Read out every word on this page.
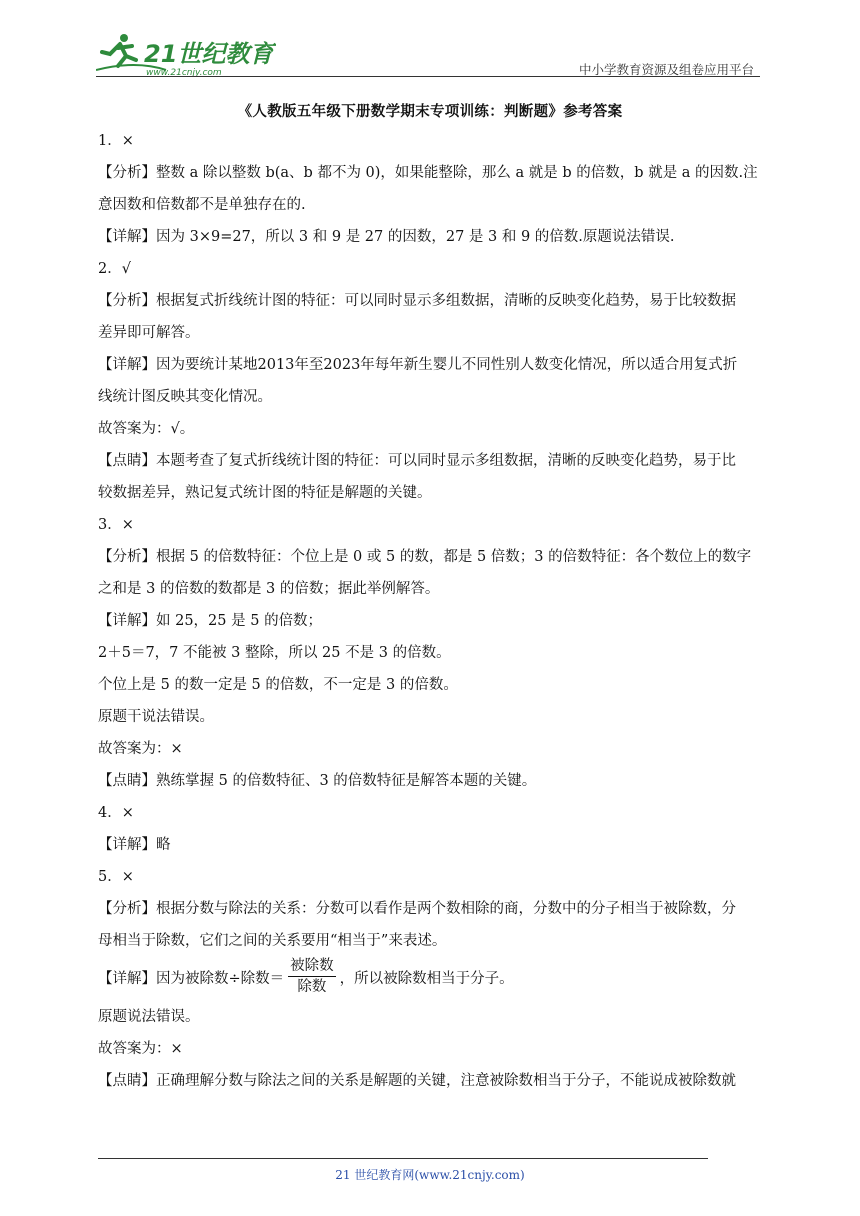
21世纪教育
www.21cnjy.com	中小学教育资源及组卷应用平台
《人教版五年级下册数学期末专项训练：判断题》参考答案
1．×
【分析】整数 a 除以整数 b(a、b 都不为 0)，如果能整除，那么 a 就是 b 的倍数，b 就是 a 的因数.注
意因数和倍数都不是单独存在的.
【详解】因为 3×9=27，所以 3 和 9 是 27 的因数，27 是 3 和 9 的倍数.原题说法错误.
2．√
【分析】根据复式折线统计图的特征：可以同时显示多组数据，清晰的反映变化趋势，易于比较数据
差异即可解答。
【详解】因为要统计某地2013年至2023年每年新生婴儿不同性别人数变化情况，所以适合用复式折
线统计图反映其变化情况。
故答案为：√。
【点睛】本题考查了复式折线统计图的特征：可以同时显示多组数据，清晰的反映变化趋势，易于比
较数据差异，熟记复式统计图的特征是解题的关键。
3．×
【分析】根据 5 的倍数特征：个位上是 0 或 5 的数，都是 5 倍数；3 的倍数特征：各个数位上的数字
之和是 3 的倍数的数都是 3 的倍数；据此举例解答。
【详解】如 25，25 是 5 的倍数；
2＋5＝7，7 不能被 3 整除，所以 25 不是 3 的倍数。
个位上是 5 的数一定是 5 的倍数，不一定是 3 的倍数。
原题干说法错误。
故答案为：×
【点睛】熟练掌握 5 的倍数特征、3 的倍数特征是解答本题的关键。
4．×
【详解】略
5．×
【分析】根据分数与除法的关系：分数可以看作是两个数相除的商，分数中的分子相当于被除数，分
母相当于除数，它们之间的关系要用“相当于”来表述。
【详解】因为被除数÷除数＝ $\frac{\text{被除数}}{\text{除数}}$ ，所以被除数相当于分子。
原题说法错误。
故答案为：×
【点睛】正确理解分数与除法之间的关系是解题的关键，注意被除数相当于分子，不能说成被除数就
21 世纪教育网(www.21cnjy.com)
